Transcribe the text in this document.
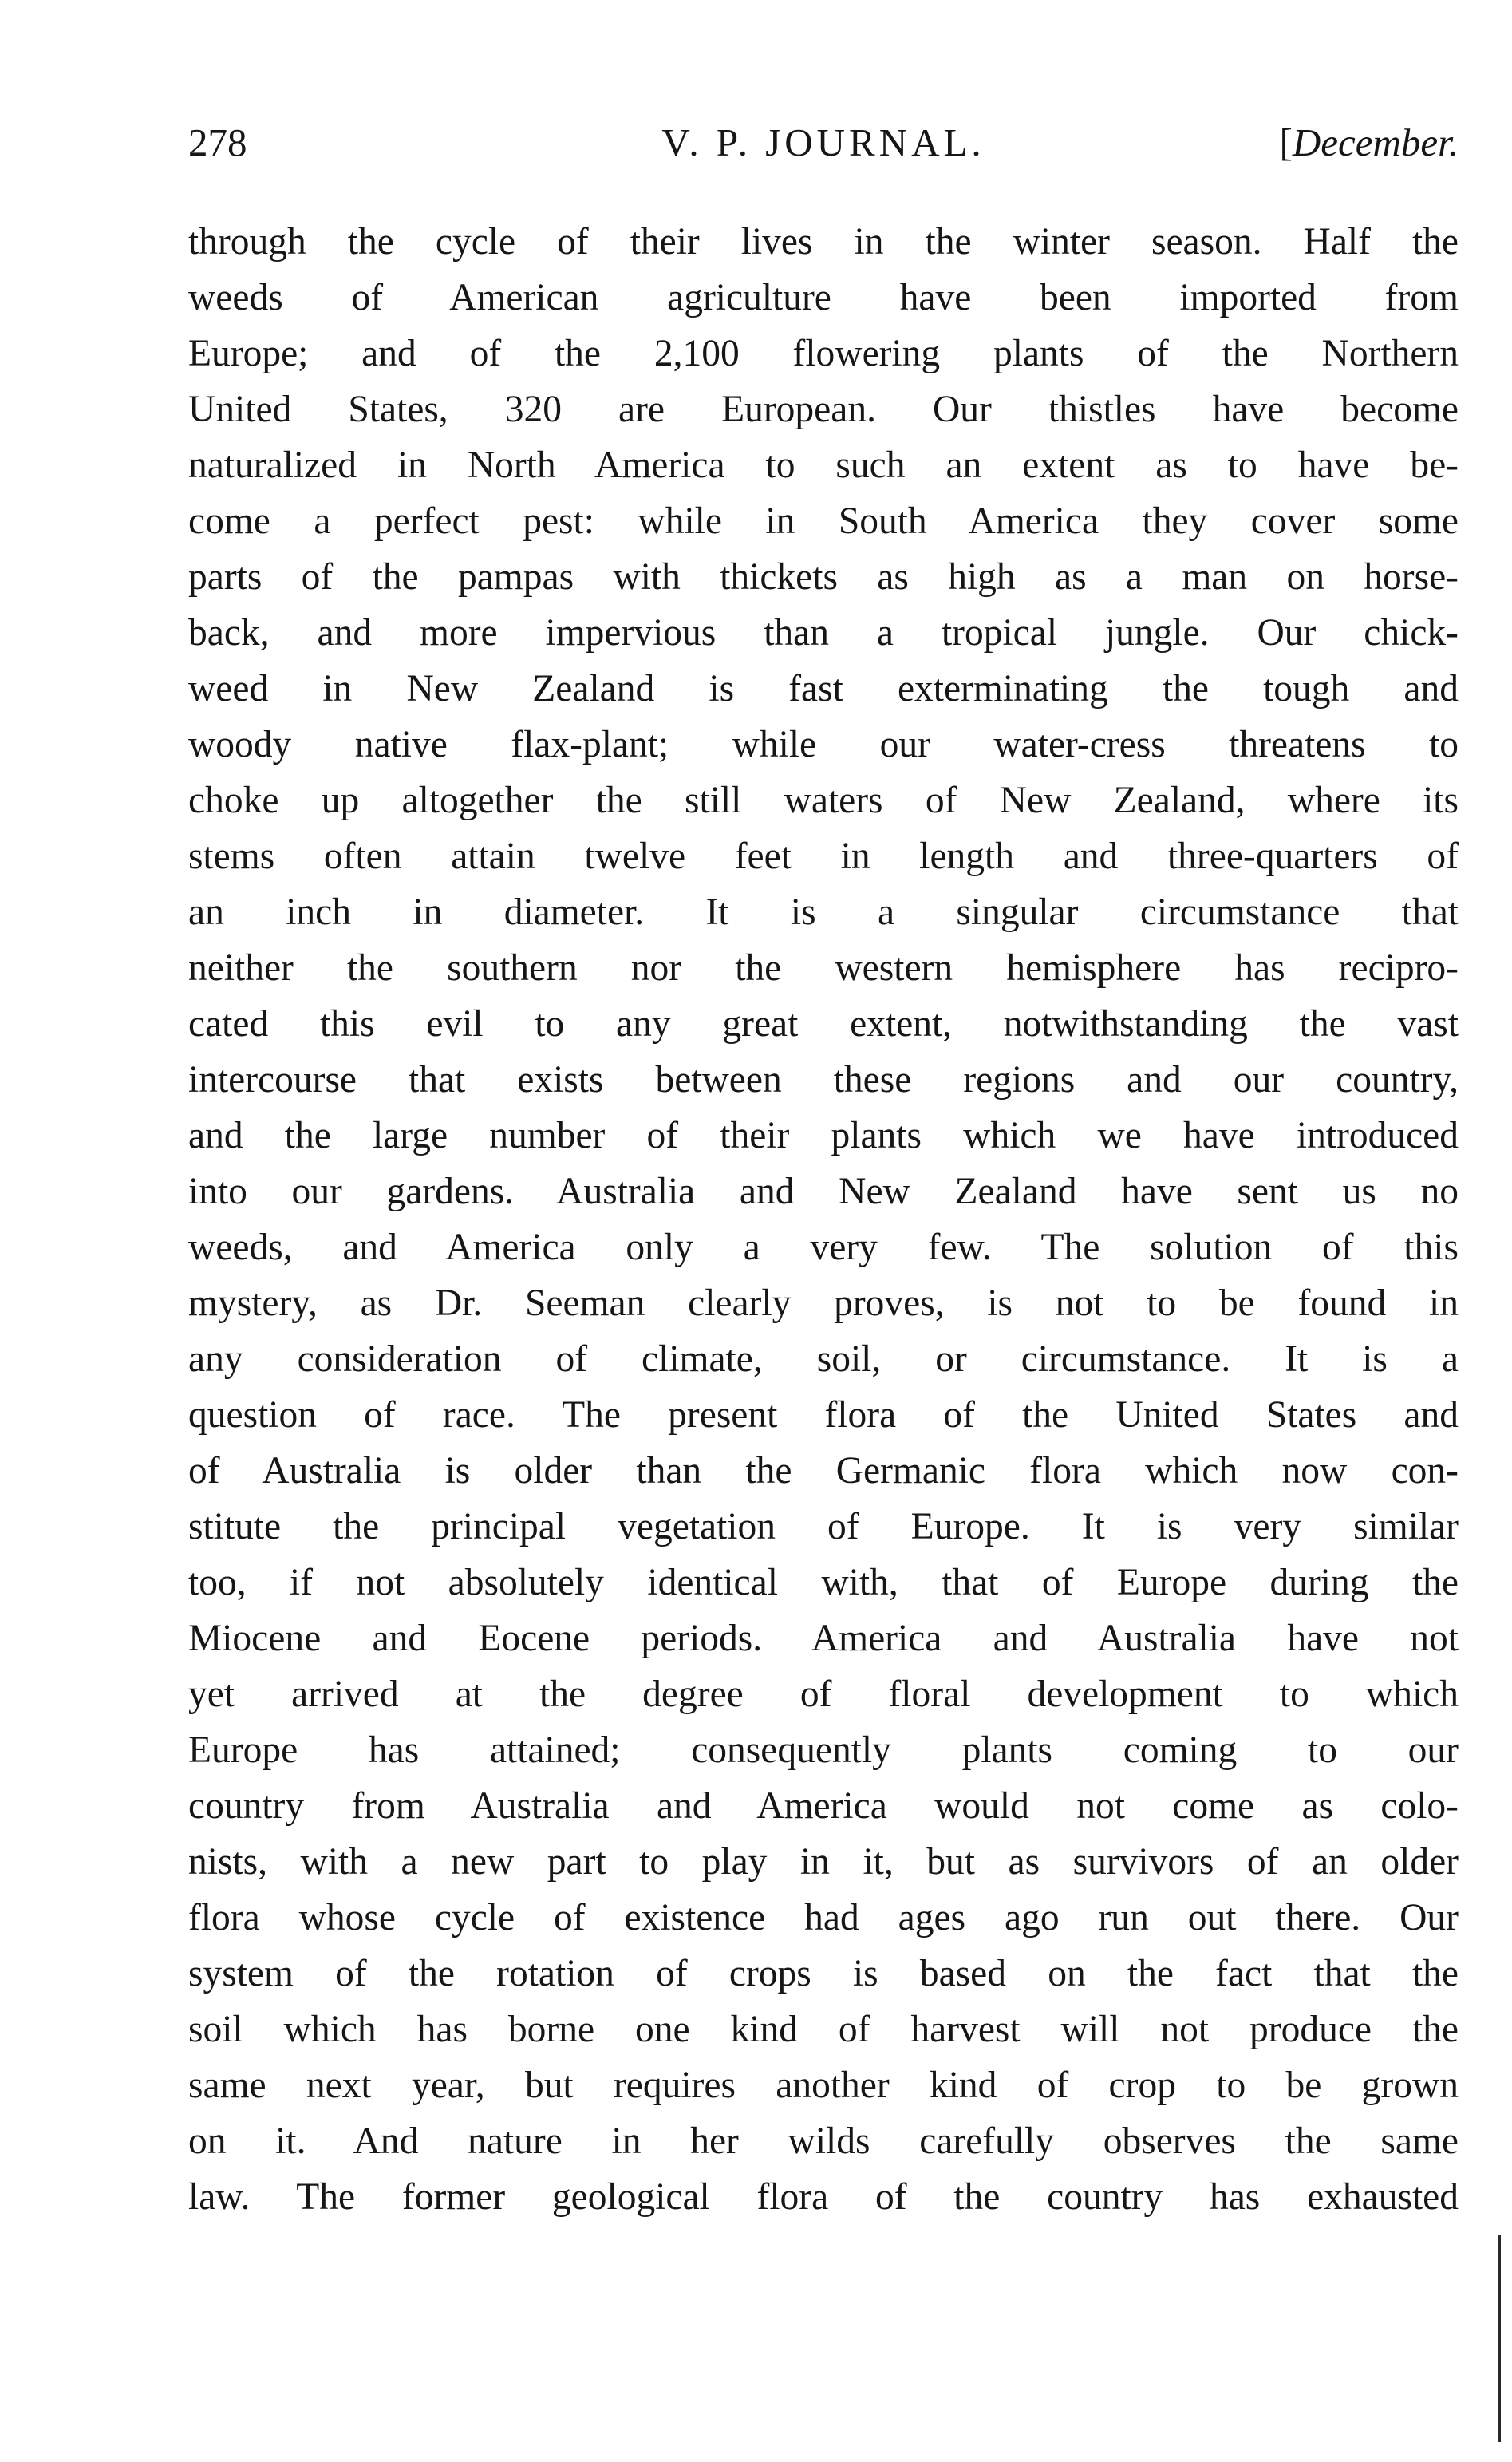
278	V. P. JOURNAL.	[December.
through the cycle of their lives in the winter season. Half the
weeds of American agriculture have been imported from
Europe; and of the 2,100 flowering plants of the Northern
United States, 320 are European. Our thistles have become
naturalized in North America to such an extent as to have be-
come a perfect pest: while in South America they cover some
parts of the pampas with thickets as high as a man on horse-
back, and more impervious than a tropical jungle. Our chick-
weed in New Zealand is fast exterminating the tough and
woody native flax-plant; while our water-cress threatens to
choke up altogether the still waters of New Zealand, where its
stems often attain twelve feet in length and three-quarters of
an inch in diameter. It is a singular circumstance that
neither the southern nor the western hemisphere has recipro-
cated this evil to any great extent, notwithstanding the vast
intercourse that exists between these regions and our country,
and the large number of their plants which we have introduced
into our gardens. Australia and New Zealand have sent us no
weeds, and America only a very few. The solution of this
mystery, as Dr. Seeman clearly proves, is not to be found in
any consideration of climate, soil, or circumstance. It is a
question of race. The present flora of the United States and
of Australia is older than the Germanic flora which now con-
stitute the principal vegetation of Europe. It is very similar
too, if not absolutely identical with, that of Europe during the
Miocene and Eocene periods. America and Australia have not
yet arrived at the degree of floral development to which
Europe has attained; consequently plants coming to our
country from Australia and America would not come as colo-
nists, with a new part to play in it, but as survivors of an older
flora whose cycle of existence had ages ago run out there. Our
system of the rotation of crops is based on the fact that the
soil which has borne one kind of harvest will not produce the
same next year, but requires another kind of crop to be grown
on it. And nature in her wilds carefully observes the same
law. The former geological flora of the country has exhausted
